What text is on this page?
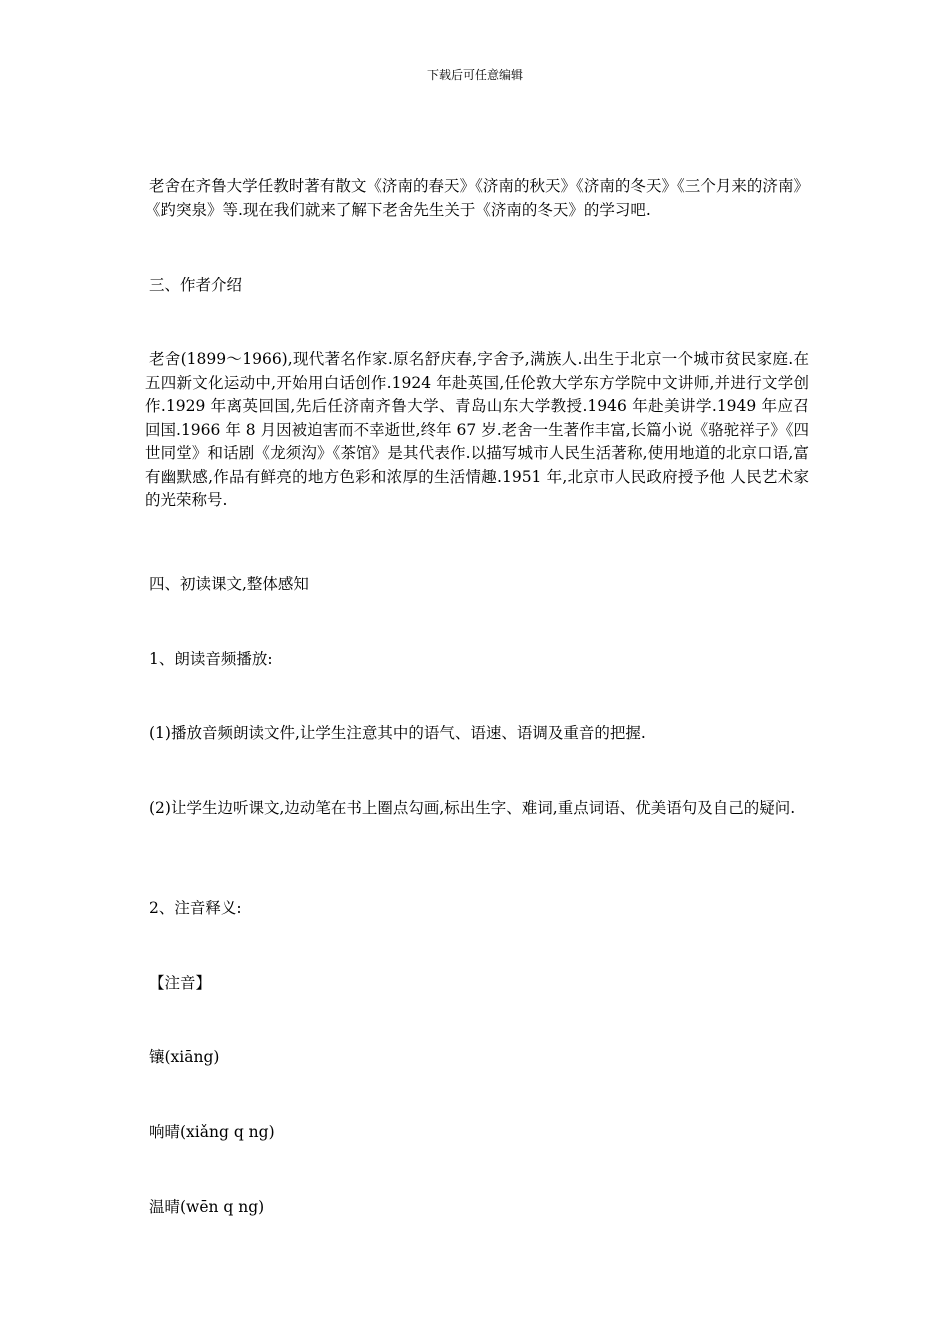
下载后可任意编辑

老舍在齐鲁大学任教时著有散文《济南的春天》《济南的秋天》《济南的冬天》《三个月来的济南》《趵突泉》等.现在我们就来了解下老舍先生关于《济南的冬天》的学习吧.

三、作者介绍

老舍(1899～1966),现代著名作家.原名舒庆春,字舍予,满族人.出生于北京一个城市贫民家庭.在五四新文化运动中,开始用白话创作.1924 年赴英国,任伦敦大学东方学院中文讲师,并进行文学创作.1929 年离英回国,先后任济南齐鲁大学、青岛山东大学教授.1946 年赴美讲学.1949 年应召回国.1966 年 8 月因被迫害而不幸逝世,终年 67 岁.老舍一生著作丰富,长篇小说《骆驼祥子》《四世同堂》和话剧《龙须沟》《茶馆》是其代表作.以描写城市人民生活著称,使用地道的北京口语,富有幽默感,作品有鲜亮的地方色彩和浓厚的生活情趣.1951 年,北京市人民政府授予他 人民艺术家 的光荣称号.

四、初读课文,整体感知

1、朗读音频播放:

(1)播放音频朗读文件,让学生注意其中的语气、语速、语调及重音的把握.

(2)让学生边听课文,边动笔在书上圈点勾画,标出生字、难词,重点词语、优美语句及自己的疑问.

2、注音释义:

【注音】

镶(xiāng)

响晴(xiǎng q ng)

温晴(wēn q ng)
